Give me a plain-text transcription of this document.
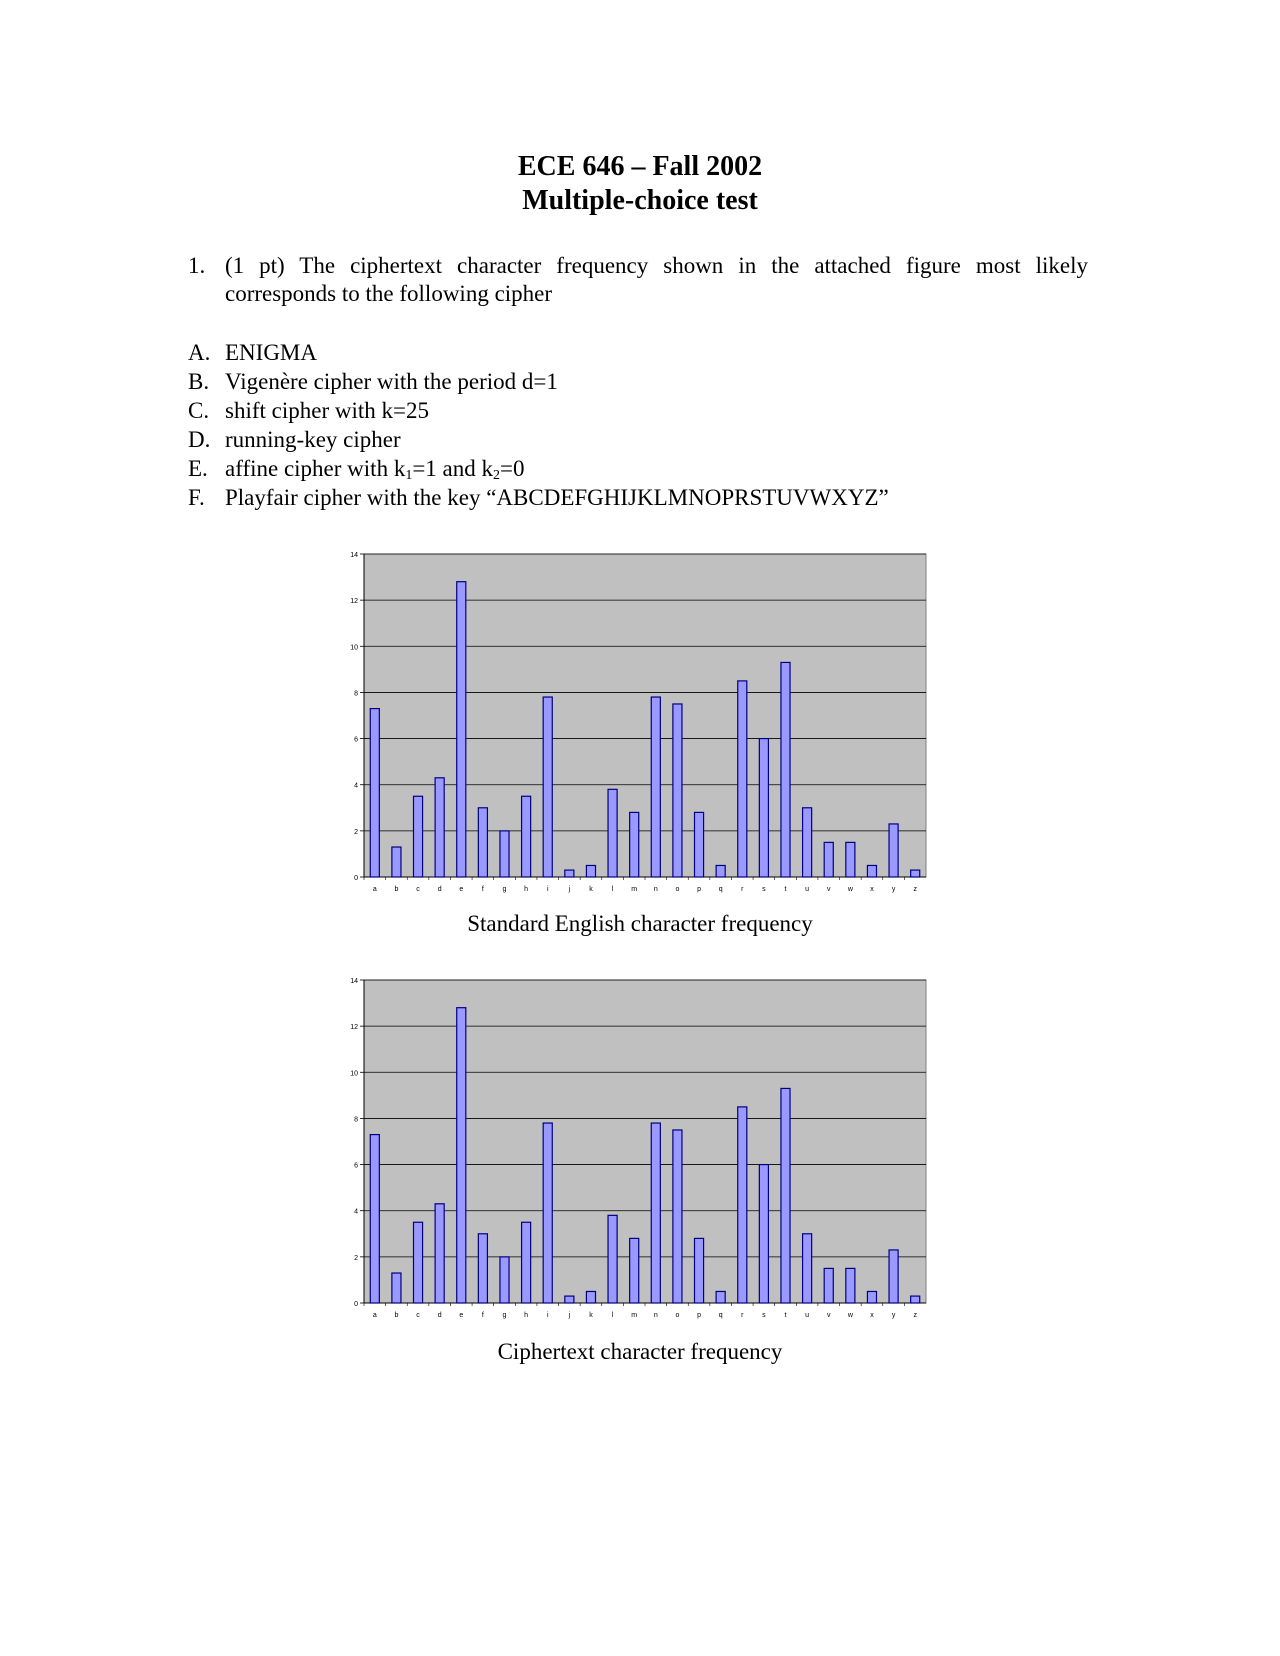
ECE 646 – Fall 2002
Multiple-choice test
1. (1 pt) The ciphertext character frequency shown in the attached figure most likely corresponds to the following cipher
A. ENIGMA
B. Vigenère cipher with the period d=1
C. shift cipher with k=25
D. running-key cipher
E. affine cipher with $k_1=1$ and $k_2=0$
F. Playfair cipher with the key “ABCDEFGHIJKLMNOPRSTUVWXYZ”
0
2
4
6
8
10
12
14
a	b	c	d	e	f	g	h	i	j	k	l	m n	o	p	q	r	s	t	u	v w x	y	z
Standard English character frequency
0
2
4
6
8
10
12
14
a	b	c	d	e	f	g	h	i	j	k	l	m n	o	p	q	r	s	t	u	v w x	y	z
Ciphertext character frequency
